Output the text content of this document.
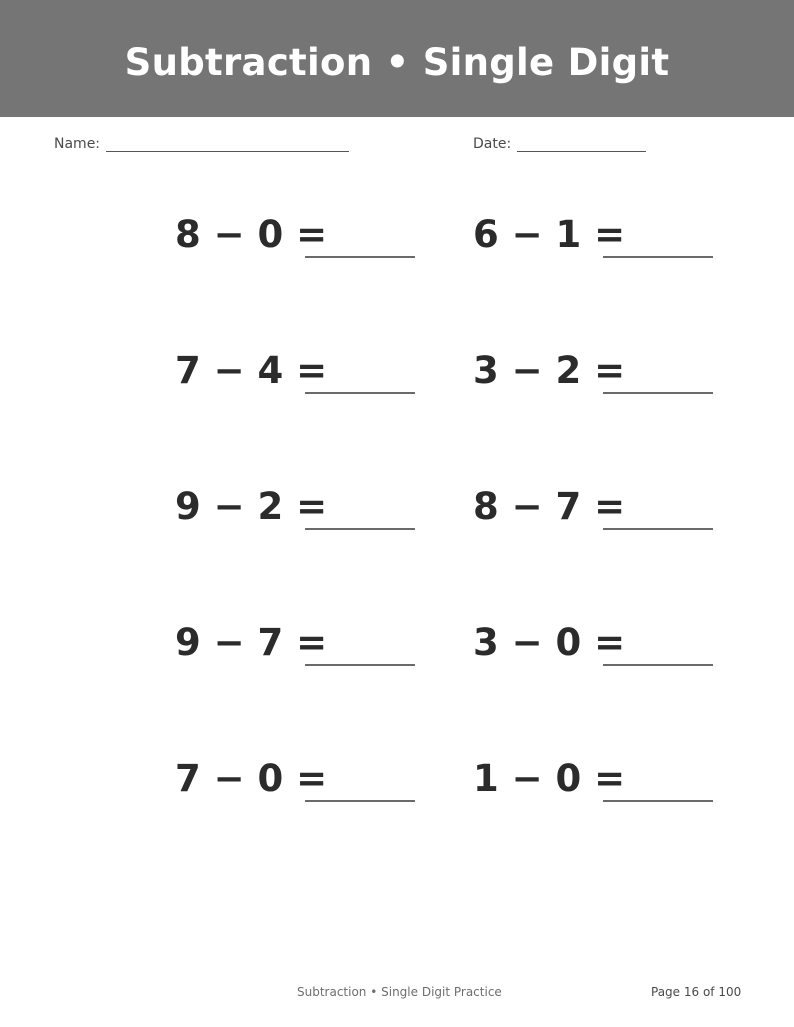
Subtraction • Single Digit
Name:	Date:
8 − 0 =	6 − 1 =
7 − 4 =	3 − 2 =
9 − 2 =	8 − 7 =
9 − 7 =	3 − 0 =
7 − 0 =	1 − 0 =
Subtraction • Single Digit Practice	Page 16 of 100
